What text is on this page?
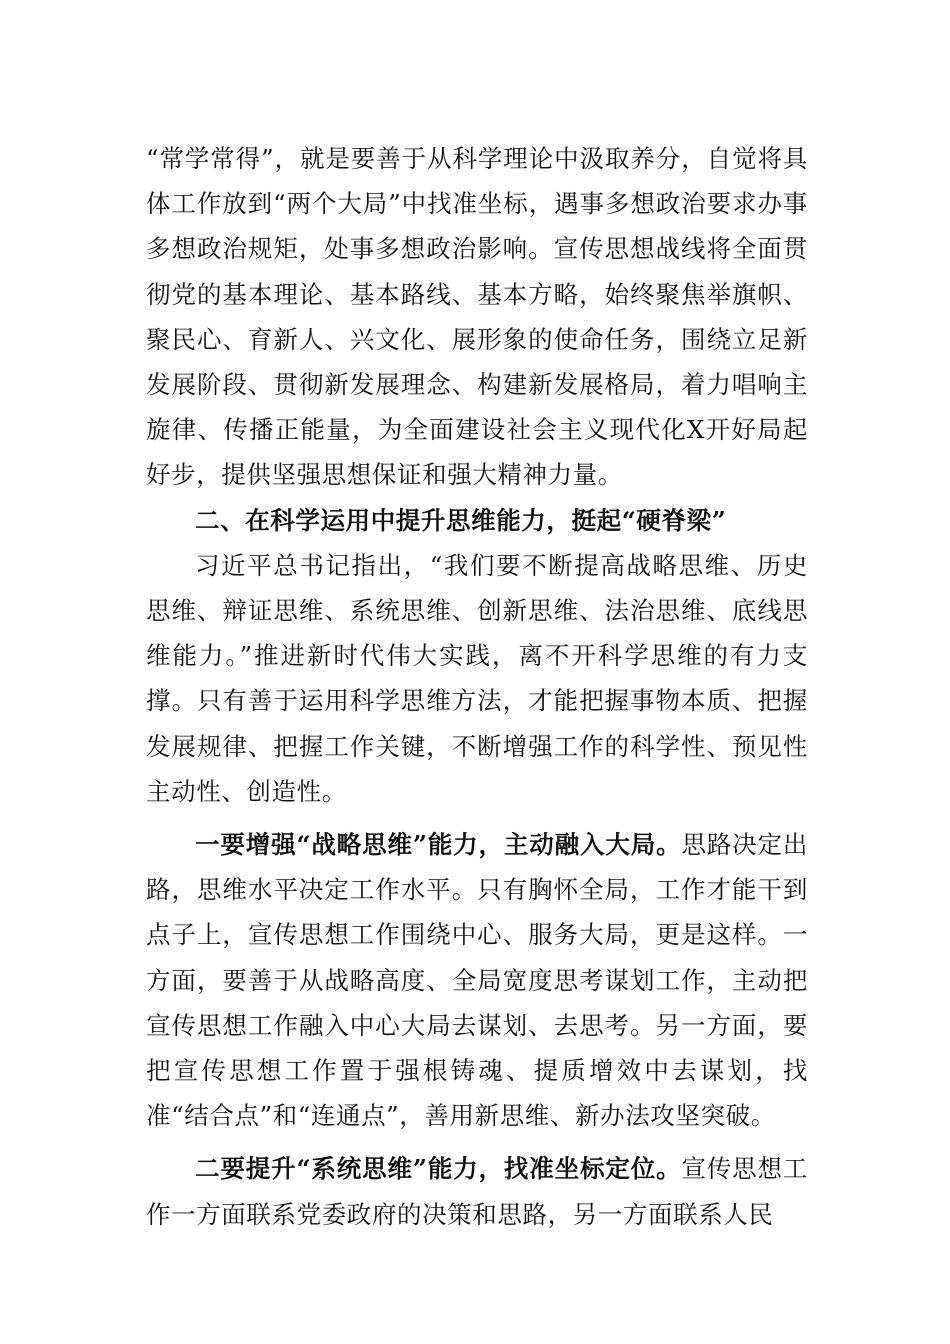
“常学常得”，就是要善于从科学理论中汲取养分，自觉将具体工作放到“两个大局”中找准坐标，遇事多想政治要求办事多想政治规矩，处事多想政治影响。宣传思想战线将全面贯彻党的基本理论、基本路线、基本方略，始终聚焦举旗帜、聚民心、育新人、兴文化、展形象的使命任务，围绕立足新发展阶段、贯彻新发展理念、构建新发展格局，着力唱响主旋律、传播正能量，为全面建设社会主义现代化X开好局起好步，提供坚强思想保证和强大精神力量。

二、在科学运用中提升思维能力，挺起“硬脊梁”

习近平总书记指出，“我们要不断提高战略思维、历史思维、辩证思维、系统思维、创新思维、法治思维、底线思维能力。”推进新时代伟大实践，离不开科学思维的有力支撑。只有善于运用科学思维方法，才能把握事物本质、把握发展规律、把握工作关键，不断增强工作的科学性、预见性主动性、创造性。

一要增强“战略思维”能力，主动融入大局。思路决定出路，思维水平决定工作水平。只有胸怀全局，工作才能干到点子上，宣传思想工作围绕中心、服务大局，更是这样。一方面，要善于从战略高度、全局宽度思考谋划工作，主动把宣传思想工作融入中心大局去谋划、去思考。另一方面，要把宣传思想工作置于强根铸魂、提质增效中去谋划，找准“结合点”和“连通点”，善用新思维、新办法攻坚突破。

二要提升“系统思维”能力，找准坐标定位。宣传思想工作一方面联系党委政府的决策和思路，另一方面联系人民
